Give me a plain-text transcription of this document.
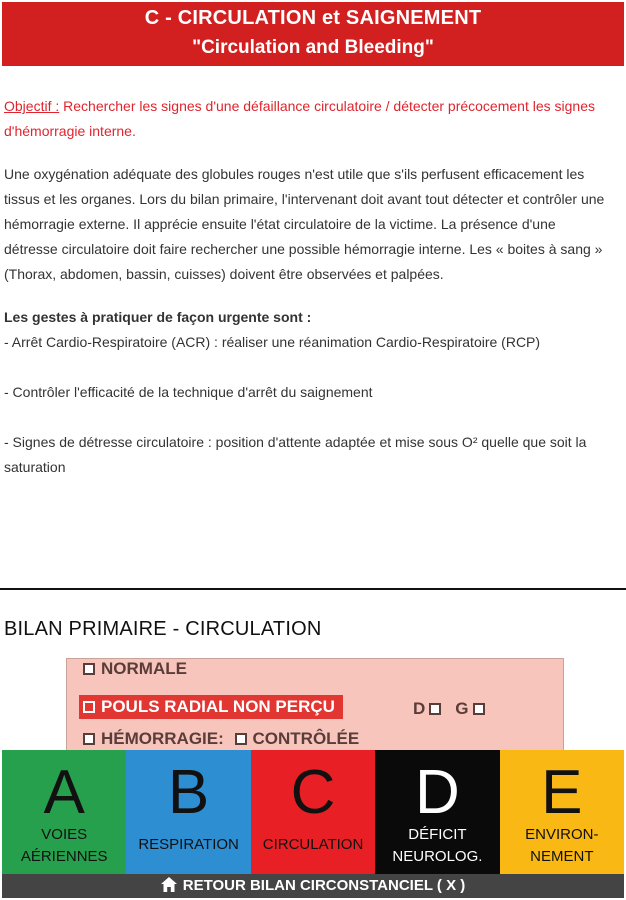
C - CIRCULATION et SAIGNEMENT
"Circulation and Bleeding"
Objectif : Rechercher les signes d'une défaillance circulatoire / détecter précocement les signes d'hémorragie interne.
Une oxygénation adéquate des globules rouges n'est utile que s'ils perfusent efficacement les tissus et les organes. Lors du bilan primaire, l'intervenant doit avant tout détecter et contrôler une hémorragie externe. Il apprécie ensuite l'état circulatoire de la victime. La présence d'une détresse circulatoire doit faire rechercher une possible hémorragie interne. Les « boites à sang » (Thorax, abdomen, bassin, cuisses) doivent être observées et palpées.
Les gestes à pratiquer de façon urgente sont :
- Arrêt Cardio-Respiratoire (ACR) : réaliser une réanimation Cardio-Respiratoire (RCP)
- Contrôler l'efficacité de la technique d'arrêt du saignement
- Signes de détresse circulatoire : position d'attente adaptée et mise sous O² quelle que soit la saturation
BILAN PRIMAIRE - CIRCULATION
NORMALE
POULS RADIAL NON PERÇU	D G
HÉMORRAGIE: CONTRÔLÉE
A
VOIES
AÉRIENNES
B
RESPIRATION
C
CIRCULATION
D
DÉFICIT
NEUROLOG.
E
ENVIRON-
NEMENT
RETOUR BILAN CIRCONSTANCIEL ( X )
